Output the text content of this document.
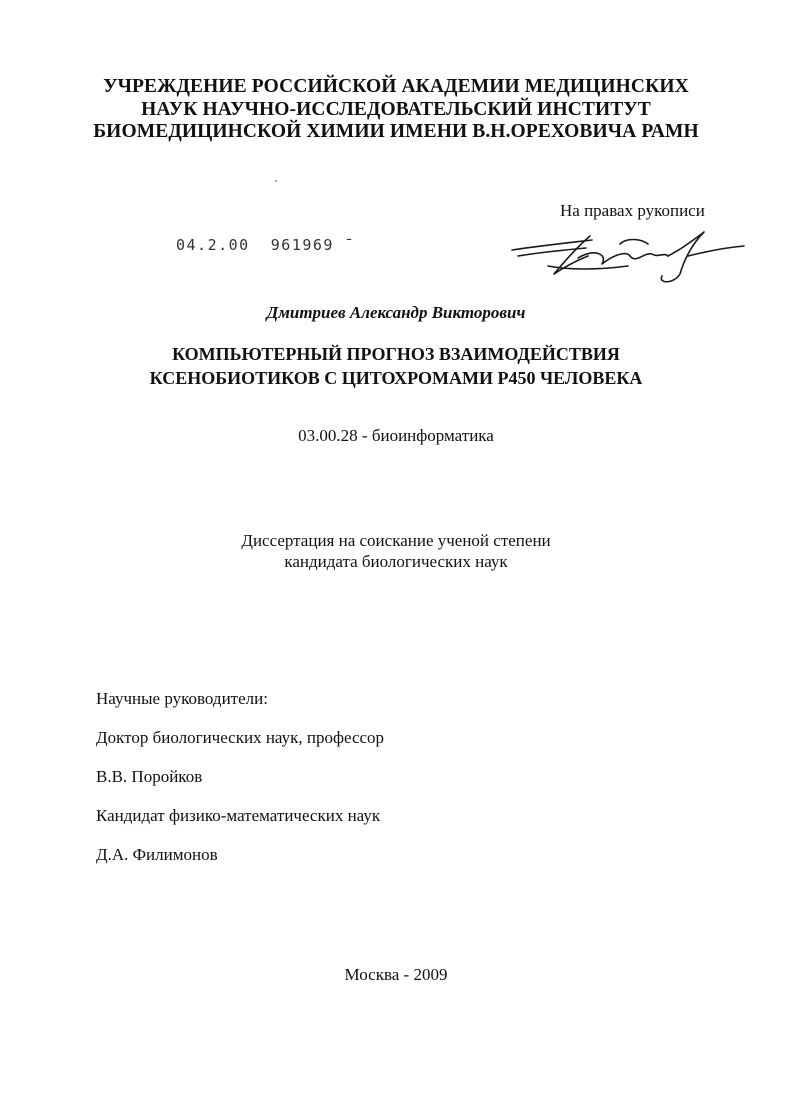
УЧРЕЖДЕНИЕ РОССИЙСКОЙ АКАДЕМИИ МЕДИЦИНСКИХ
НАУК НАУЧНО-ИССЛЕДОВАТЕЛЬСКИЙ ИНСТИТУТ
БИОМЕДИЦИНСКОЙ ХИМИИ ИМЕНИ В.Н.ОРЕХОВИЧА РАМН
На правах рукописи
04.2.00  961969 ¯
Дмитриев Александр Викторович
КОМПЬЮТЕРНЫЙ ПРОГНОЗ ВЗАИМОДЕЙСТВИЯ
КСЕНОБИОТИКОВ С ЦИТОХРОМАМИ Р450 ЧЕЛОВЕКА
03.00.28 - биоинформатика
Диссертация на соискание ученой степени
кандидата биологических наук
Научные руководители:
Доктор биологических наук, профессор
В.В. Поройков
Кандидат физико-математических наук
Д.А. Филимонов
Москва - 2009
